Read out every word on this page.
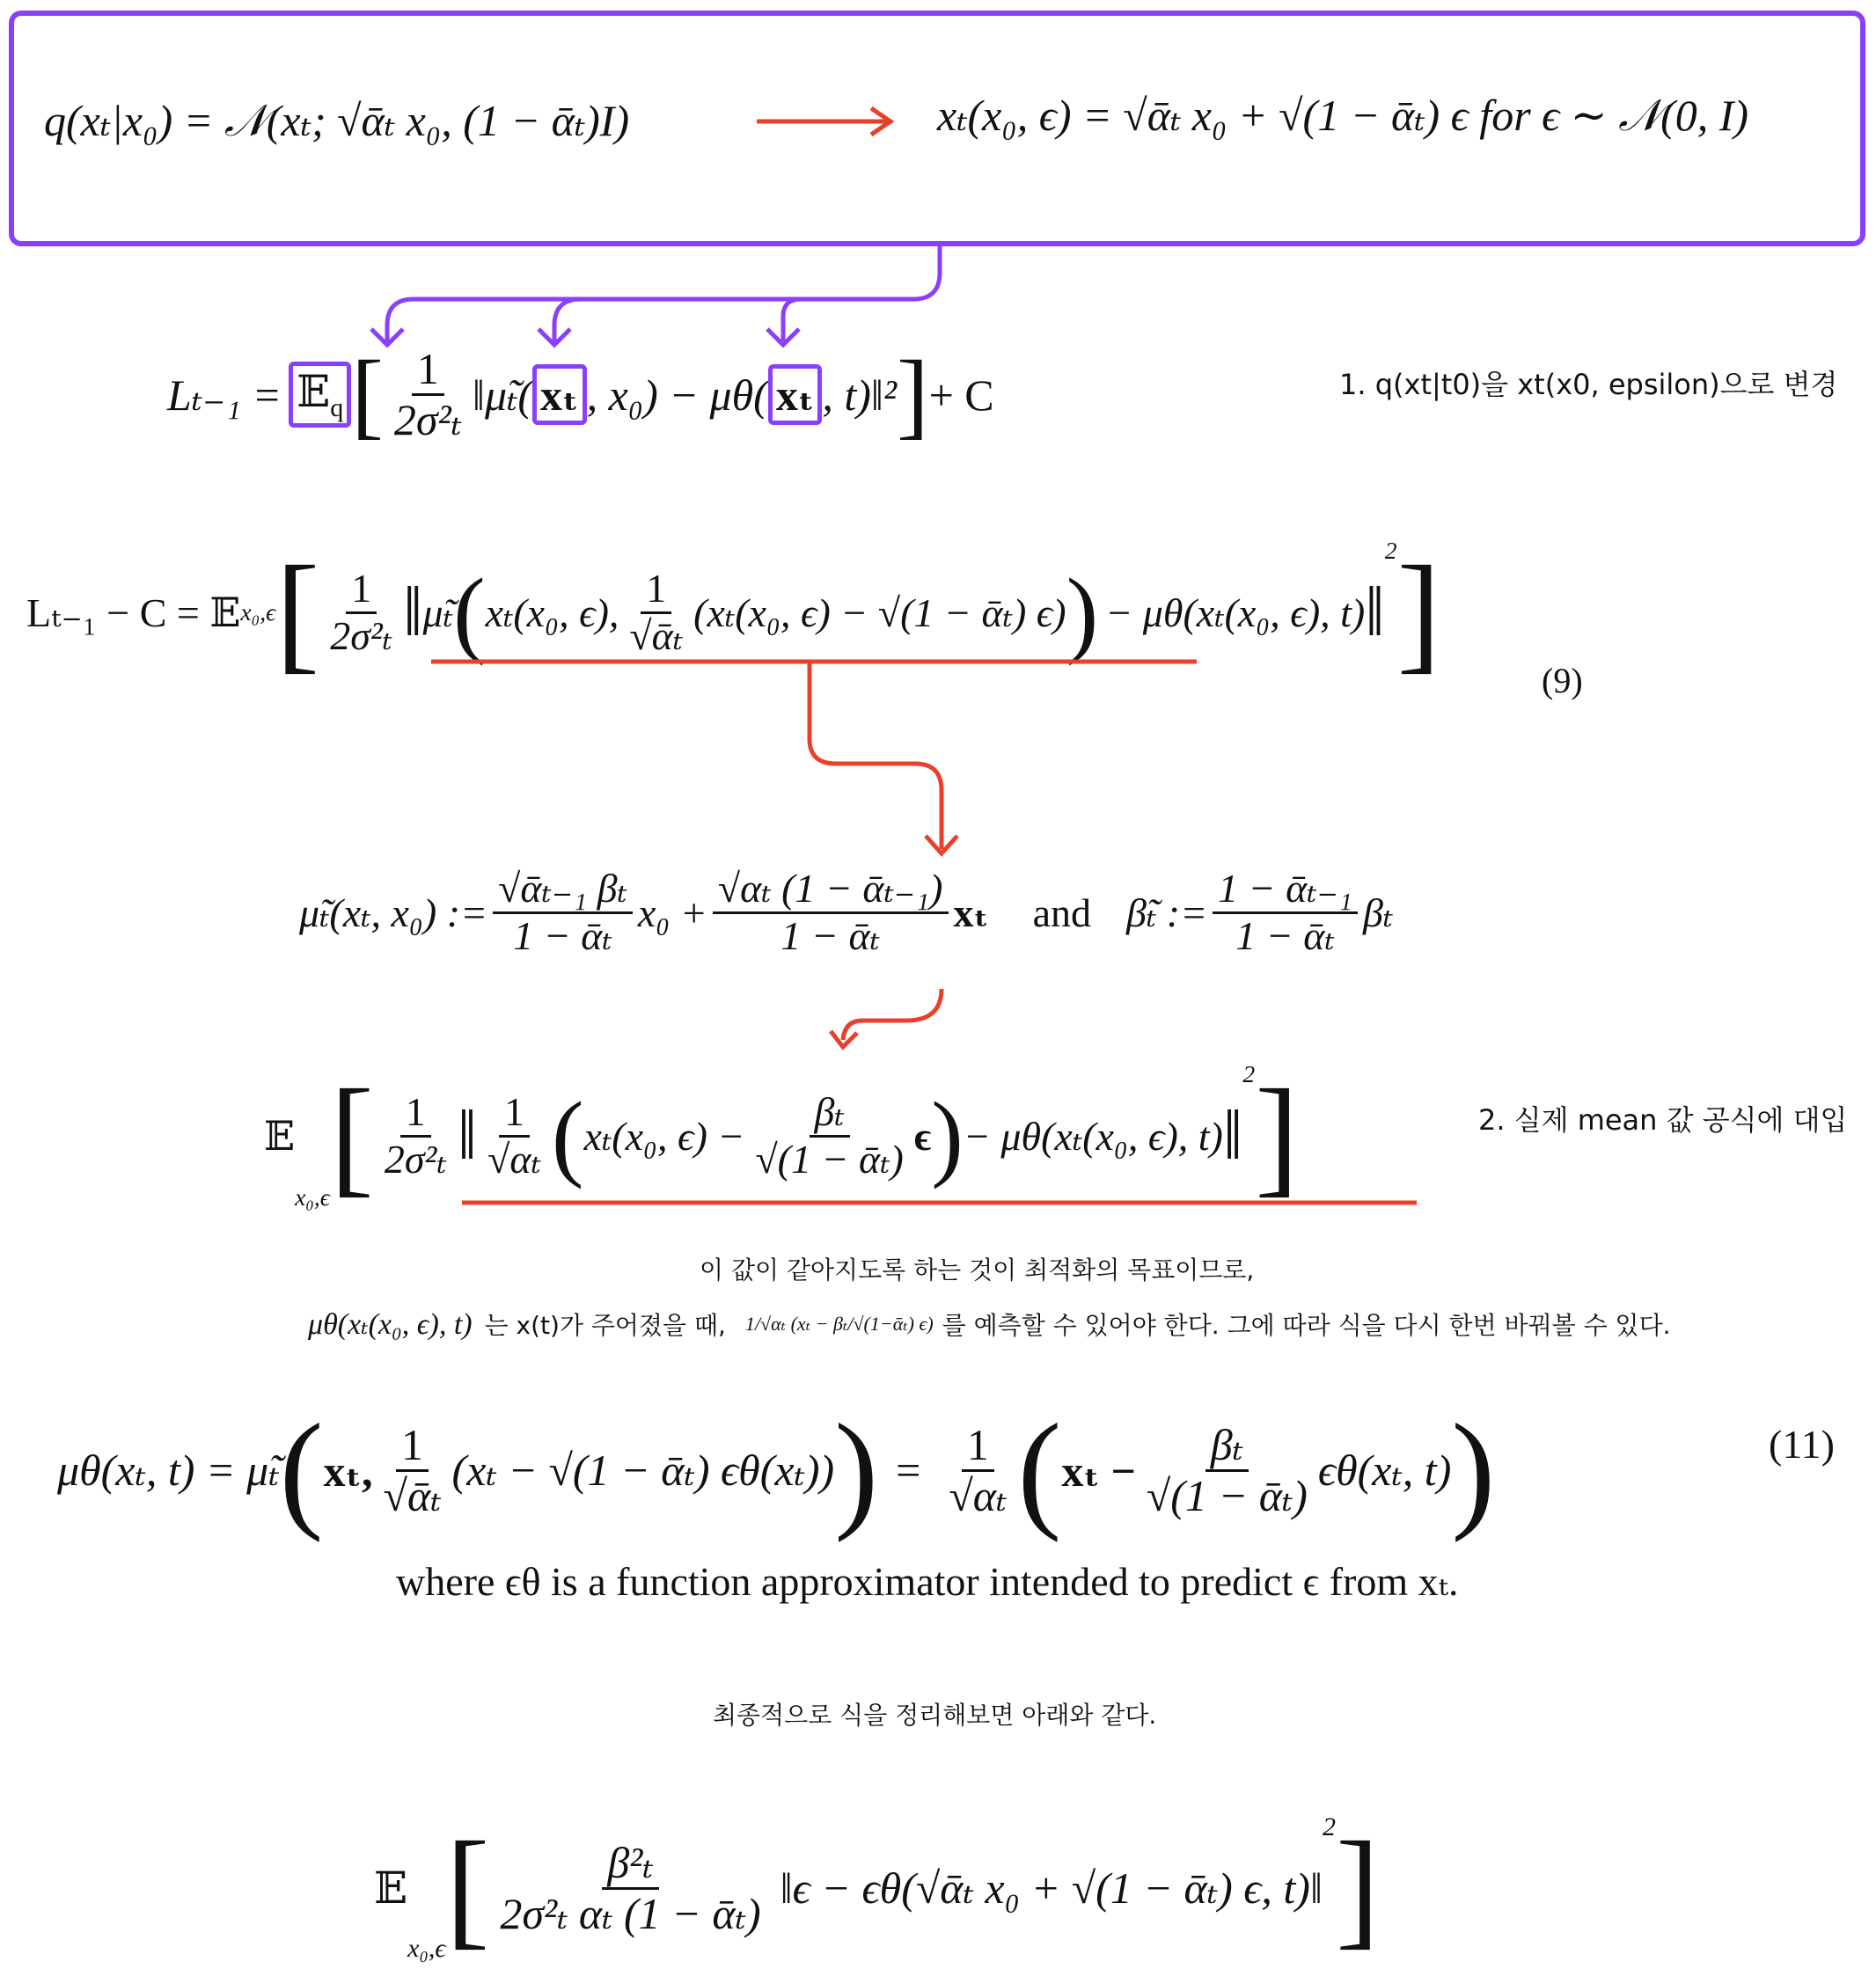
q(xₜ|x₀) = 𝒩(xₜ; √ᾱₜ x₀, (1 − ᾱₜ)I)	xₜ(x₀, ϵ) = √ᾱₜ x₀ + √(1 − ᾱₜ) ϵ for ϵ ∼ 𝒩(0, I)
Lₜ₋₁ = 𝔼$_q$ [ $\frac{1}{\text{2σ²ₜ}}$ ‖μ̃ₜ( xₜ , x₀) − μθ( xₜ , t)‖² ] + C	1. q(xt|t0)을 xt(x0, epsilon)으로 변경
Lₜ₋₁ − C = 𝔼 x₀,ϵ [ $\frac{1}{\text{2σ²ₜ}}$ ‖ μ̃ₜ ( xₜ(x₀, ϵ), $\frac{1}{\text{√ᾱₜ}} (x_t(x_0$, ϵ) − √(1 − ᾱₜ) ϵ) ) − μθ(xₜ(x₀, ϵ), t) ‖
2 ]	(9)
μ̃ₜ(xₜ, x₀) := $\frac{\text{√ᾱₜ₋₁ βₜ}}{\text{1 − ᾱₜ}} x_0 + \frac{\text{√αₜ (1 − ᾱₜ₋₁)}}{\text{1 − ᾱₜ}}$ xₜ and β̃ₜ := $\frac{\text{1 − ᾱₜ₋₁}}{\text{1 − ᾱₜ}}$ βₜ
𝔼
x₀,ϵ [ $\frac{1}{\text{2σ²ₜ}}$ ‖ $\frac{1}{\text{√αₜ}}$ ( xₜ(x₀, $\epsilon) - \frac{\text{βₜ}}{\text{√(1 − ᾱₜ)}}$ ϵ ) − μθ(xₜ(x₀, ϵ), t) ‖
2 ]	2. 실제 mean 값 공식에 대입
이 값이 같아지도록 하는 것이 최적화의 목표이므로,
μθ(xₜ(x₀, ϵ), t) 는 x(t)가 주어졌을 때, 1/√αₜ (xₜ − βₜ/√(1−ᾱₜ) ϵ) 를 예측할 수 있어야 한다. 그에 따라 식을 다시 한번 바꿔볼 수 있다.
μθ(xₜ, t) = μ̃ₜ ( xₜ, $\frac{1}{\text{√ᾱₜ}} (x_t - √(1$ − ᾱₜ) ϵθ(xₜ)) ) = $\frac{1}{\text{√αₜ}}$ ( $x_t - \frac{\text{βₜ}}{\text{√(1 − ᾱₜ)}} \epsilon\theta(x_t$, t) )	(11)
where ϵθ is a function approximator intended to predict ϵ from xₜ.
최종적으로 식을 정리해보면 아래와 같다.
𝔼
x₀,ϵ [ $\frac{\text{β²ₜ}}{\text{2σ²ₜ αₜ (1 − ᾱₜ)}}$ ‖ϵ − ϵθ(√ᾱₜ x₀ + √(1 − ᾱₜ) ϵ, t)‖
2 ]
